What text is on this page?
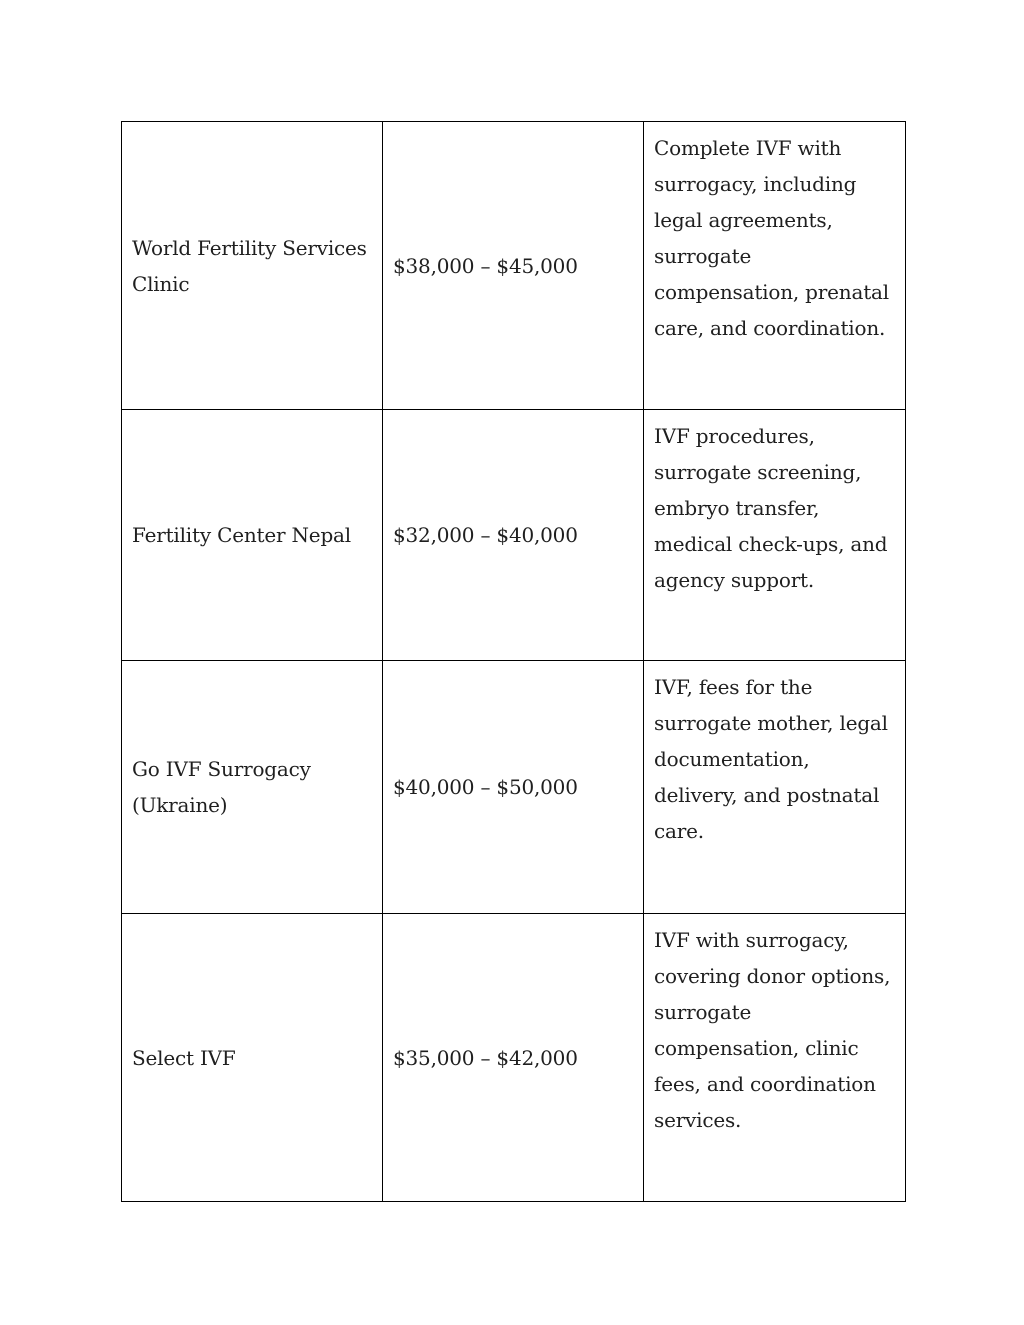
World Fertility Services Clinic	$38,000 – $45,000	Complete IVF with surrogacy, including legal agreements, surrogate compensation, prenatal care, and coordination.

Fertility Center Nepal	$32,000 – $40,000	IVF procedures, surrogate screening, embryo transfer, medical check-ups, and agency support.

Go IVF Surrogacy (Ukraine)	$40,000 – $50,000	IVF, fees for the surrogate mother, legal documentation, delivery, and postnatal care.

Select IVF	$35,000 – $42,000	IVF with surrogacy, covering donor options, surrogate compensation, clinic fees, and coordination services.
